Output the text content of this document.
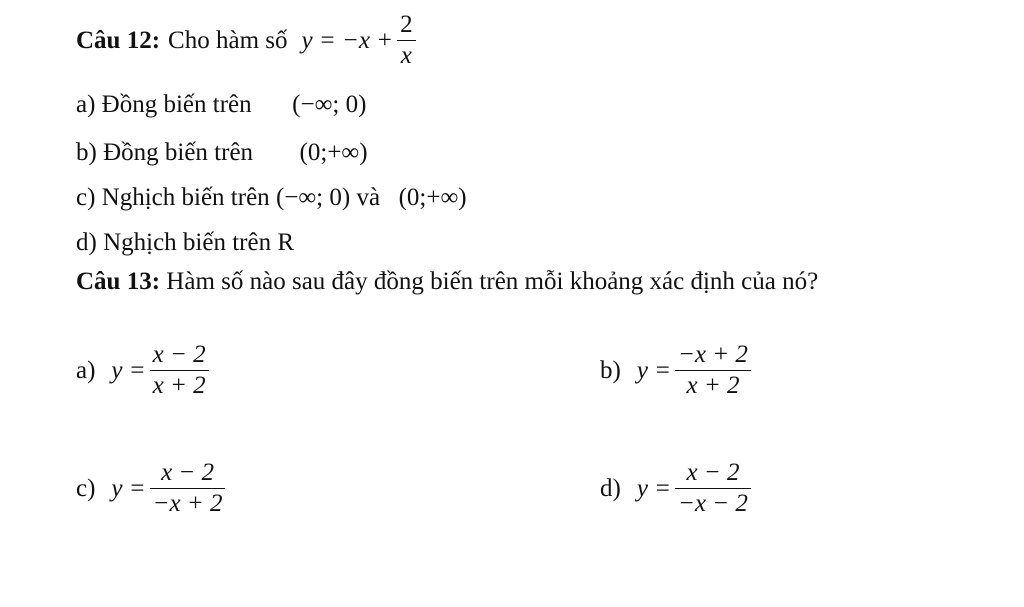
Câu 12: Cho hàm số $y = -x + \frac{2}{x}$
a) Đồng biến trên (−∞; 0)
b) Đồng biến trên (0;+∞)
c) Nghịch biến trên (−∞; 0) và (0;+∞)
d) Nghịch biến trên R
Câu 13: Hàm số nào sau đây đồng biến trên mỗi khoảng xác định của nó?
a) $y = \frac{x - 2}{x + 2}$	b) $y = \frac{-x + 2}{x + 2}$
c) $y = \frac{x - 2}{-x + 2}$	d) $y = \frac{x - 2}{-x - 2}$
